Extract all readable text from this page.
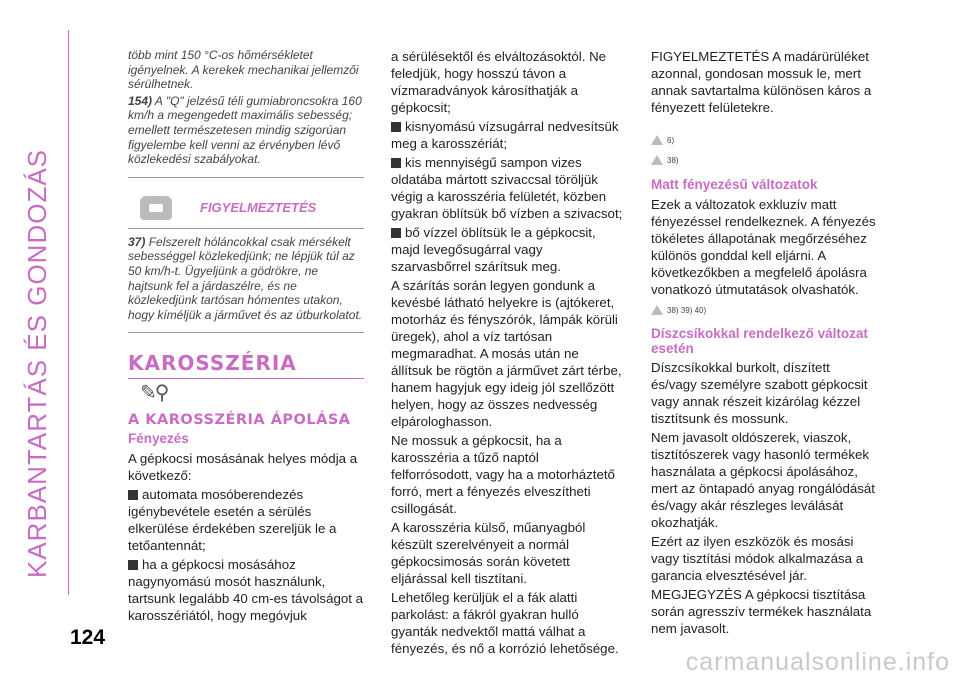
KARBANTARTÁS ÉS GONDOZÁS
124

több mint 150 °C-os hőmérsékletet igényelnek. A kerekek mechanikai jellemzői sérülhetnek.

154) A "Q" jelzésű téli gumiabroncsokra 160 km/h a megengedett maximális sebesség; emellett természetesen mindig szigorúan figyelembe kell venni az érvényben lévő közlekedési szabályokat.

FIGYELMEZTETÉS

37) Felszerelt hóláncokkal csak mérsékelt sebességgel közlekedjünk; ne lépjük túl az 50 km/h-t. Ügyeljünk a gödrökre, ne hajtsunk fel a járdaszélre, és ne közlekedjünk tartósan hómentes utakon, hogy kíméljük a járművet és az útburkolatot.

KAROSSZÉRIA
✎⚲
A KAROSSZÉRIA ÁPOLÁSA
Fényezés

A gépkocsi mosásának helyes módja a következő:

automata mosóberendezés igénybevétele esetén a sérülés elkerülése érdekében szereljük le a tetőantennát;

ha a gépkocsi mosásához nagynyomású mosót használunk, tartsunk legalább 40 cm-es távolságot a karosszériától, hogy megóvjuk

a sérülésektől és elváltozásoktól. Ne feledjük, hogy hosszú távon a vízmaradványok károsíthatják a gépkocsit;

kisnyomású vízsugárral nedvesítsük meg a karosszériát;

kis mennyiségű sampon vizes oldatába mártott szivaccsal töröljük végig a karosszéria felületét, közben gyakran öblítsük bő vízben a szivacsot;

bő vízzel öblítsük le a gépkocsit, majd levegősugárral vagy szarvasbőrrel szárítsuk meg.

A szárítás során legyen gondunk a kevésbé látható helyekre is (ajtókeret, motorház és fényszórók, lámpák körüli üregek), ahol a víz tartósan megmaradhat. A mosás után ne állítsuk be rögtön a járművet zárt térbe, hanem hagyjuk egy ideig jól szellőzött helyen, hogy az összes nedvesség elpárologhasson.

Ne mossuk a gépkocsit, ha a karosszéria a tűző naptól felforrósodott, vagy ha a motorháztető forró, mert a fényezés elveszítheti csillogását.

A karosszéria külső, műanyagból készült szerelvényeit a normál gépkocsimosás során követett eljárással kell tisztítani.

Lehetőleg kerüljük el a fák alatti parkolást: a fákról gyakran hulló gyanták nedvektől mattá válhat a fényezés, és nő a korrózió lehetősége.

FIGYELMEZTETÉS A madárürüléket azonnal, gondosan mossuk le, mert annak savtartalma különösen káros a fényezett felületekre.

6)
38)
Matt fényezésű változatok

Ezek a változatok exkluzív matt fényezéssel rendelkeznek. A fényezés tökéletes állapotának megőrzéséhez különös gonddal kell eljárni. A következőkben a megfelelő ápolásra vonatkozó útmutatások olvashatók.

38) 39) 40)
Díszcsíkokkal rendelkező változat esetén

Díszcsíkokkal burkolt, díszített és/vagy személyre szabott gépkocsit vagy annak részeit kizárólag kézzel tisztítsunk és mossunk.

Nem javasolt oldószerek, viaszok, tisztítószerek vagy hasonló termékek használata a gépkocsi ápolásához, mert az öntapadó anyag rongálódását és/vagy akár részleges leválását okozhatják.

Ezért az ilyen eszközök és mosási vagy tisztítási módok alkalmazása a garancia elvesztésével jár.

MEGJEGYZÉS A gépkocsi tisztítása során agresszív termékek használata nem javasolt.

carmanualsonline.info
